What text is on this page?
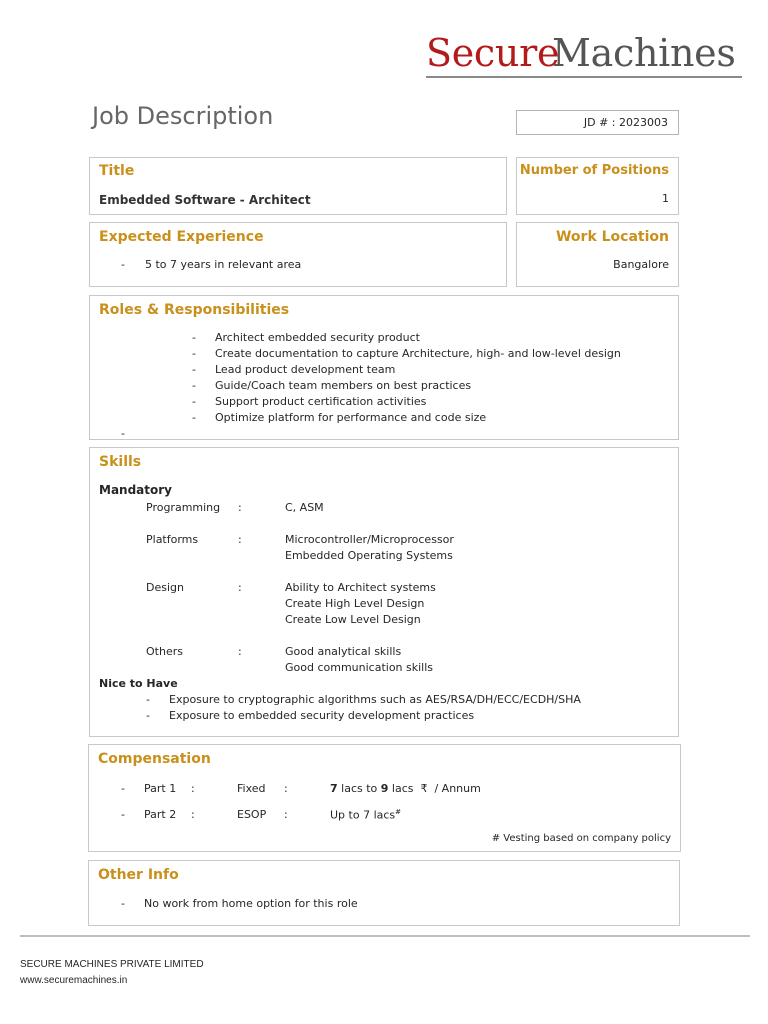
Secure
Machines
Job Description	JD # : 2023003
Title
Embedded Software - Architect
Number of Positions
1
Expected Experience
- 5 to 7 years in relevant area
Work Location
Bangalore
Roles & Responsibilities
- Architect embedded security product
- Create documentation to capture Architecture, high- and low-level design
- Lead product development team
- Guide/Coach team members on best practices
- Support product certification activities
- Optimize platform for performance and code size
-
Skills
Mandatory
Programming :	C, ASM
Platforms	:	Microcontroller/Microprocessor
Embedded Operating Systems
Design	:	Ability to Architect systems
Create High Level Design
Create Low Level Design
Others	:	Good analytical skills
Good communication skills
Nice to Have
- Exposure to cryptographic algorithms such as AES/RSA/DH/ECC/ECDH/SHA
- Exposure to embedded security development practices
Compensation
- Part 1 :	Fixed :	7 lacs to 9 lacs  ₹  / Annum
- Part 2 :	ESOP :	Up to 7 lacs#
# Vesting based on company policy
Other Info
- No work from home option for this role
SECURE MACHINES PRIVATE LIMITED
www.securemachines.in
